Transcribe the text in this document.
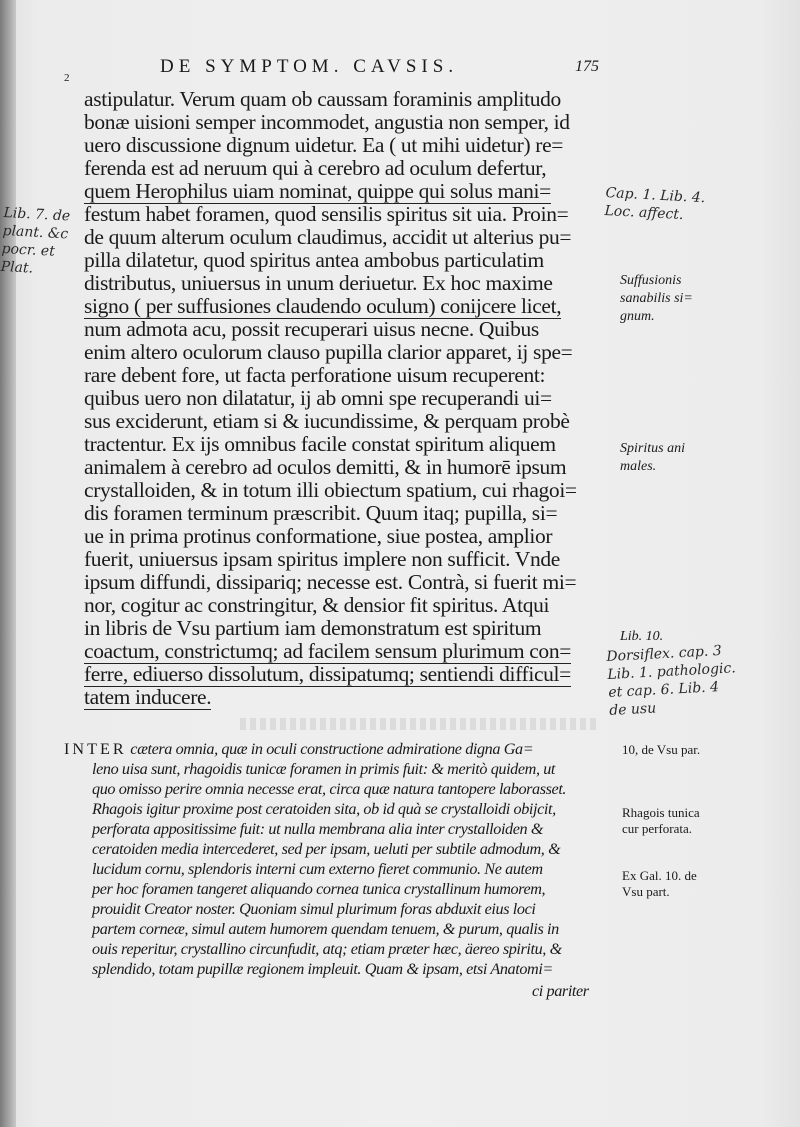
2
DE SYMPTOM. CAVSIS.	175
astipulatur. Verum quam ob caussam foraminis amplitudo
bonæ uisioni semper incommodet, angustia non semper, id
uero discussione dignum uidetur. Ea ( ut mihi uidetur) re=
ferenda est ad neruum qui à cerebro ad oculum defertur,
quem Herophilus uiam nominat, quippe qui solus mani=
festum habet foramen, quod sensilis spiritus sit uia. Proin=
de quum alterum oculum claudimus, accidit ut alterius pu=
pilla dilatetur, quod spiritus antea ambobus particulatim
distributus, uniuersus in unum deriuetur. Ex hoc maxime
signo ( per suffusiones claudendo oculum) conijcere licet,
num admota acu, possit recuperari uisus necne. Quibus
enim altero oculorum clauso pupilla clarior apparet, ij spe=
rare debent fore, ut facta perforatione uisum recuperent:
quibus uero non dilatatur, ij ab omni spe recuperandi ui=
sus exciderunt, etiam si & iucundissime, & perquam probè
tractentur. Ex ijs omnibus facile constat spiritum aliquem
animalem à cerebro ad oculos demitti, & in humorē ipsum
crystalloiden, & in totum illi obiectum spatium, cui rhagoi=
dis foramen terminum præscribit. Quum itaq; pupilla, si=
ue in prima protinus conformatione, siue postea, amplior
fuerit, uniuersus ipsam spiritus implere non sufficit. Vnde
ipsum diffundi, dissipariq; necesse est. Contrà, si fuerit mi=
nor, cogitur ac constringitur, & densior fit spiritus. Atqui
in libris de Vsu partium iam demonstratum est spiritum
coactum, constrictumq; ad facilem sensum plurimum con=
ferre, ediuerso dissolutum, dissipatumq; sentiendi difficul=
tatem inducere.
INTER cætera omnia, quæ in oculi constructione admiratione digna Ga=
leno uisa sunt, rhagoidis tunicæ foramen in primis fuit: & meritò quidem, ut
quo omisso perire omnia necesse erat, circa quæ natura tantopere laborasset.
Rhagois igitur proxime post ceratoiden sita, ob id quà se crystalloidi obijcit,
perforata appositissime fuit: ut nulla membrana alia inter crystalloiden &
ceratoiden media intercederet, sed per ipsam, ueluti per subtile admodum, &
lucidum cornu, splendoris interni cum externo fieret communio. Ne autem
per hoc foramen tangeret aliquando cornea tunica crystallinum humorem,
prouidit Creator noster. Quoniam simul plurimum foras abduxit eius loci
partem corneæ, simul autem humorem quendam tenuem, & purum, qualis in
ouis reperitur, crystallino circunfudit, atq; etiam præter hæc, äereo spiritu, &
splendido, totam pupillæ regionem impleuit. Quam & ipsam, etsi Anatomi=
ci pariter
Suffusionis
sanabilis si=
gnum.
Spiritus ani
males.
Lib. 10.
10, de Vsu par.
Rhagois tunica
cur perforata.
Ex Gal. 10. de
Vsu part.
Lib. 7. de
plant. &c
pocr. et
Plat.
Cap. 1. Lib. 4.
Loc. affect.
Dorsiflex. cap. 3
Lib. 1. pathologic.
et cap. 6. Lib. 4
de usu
